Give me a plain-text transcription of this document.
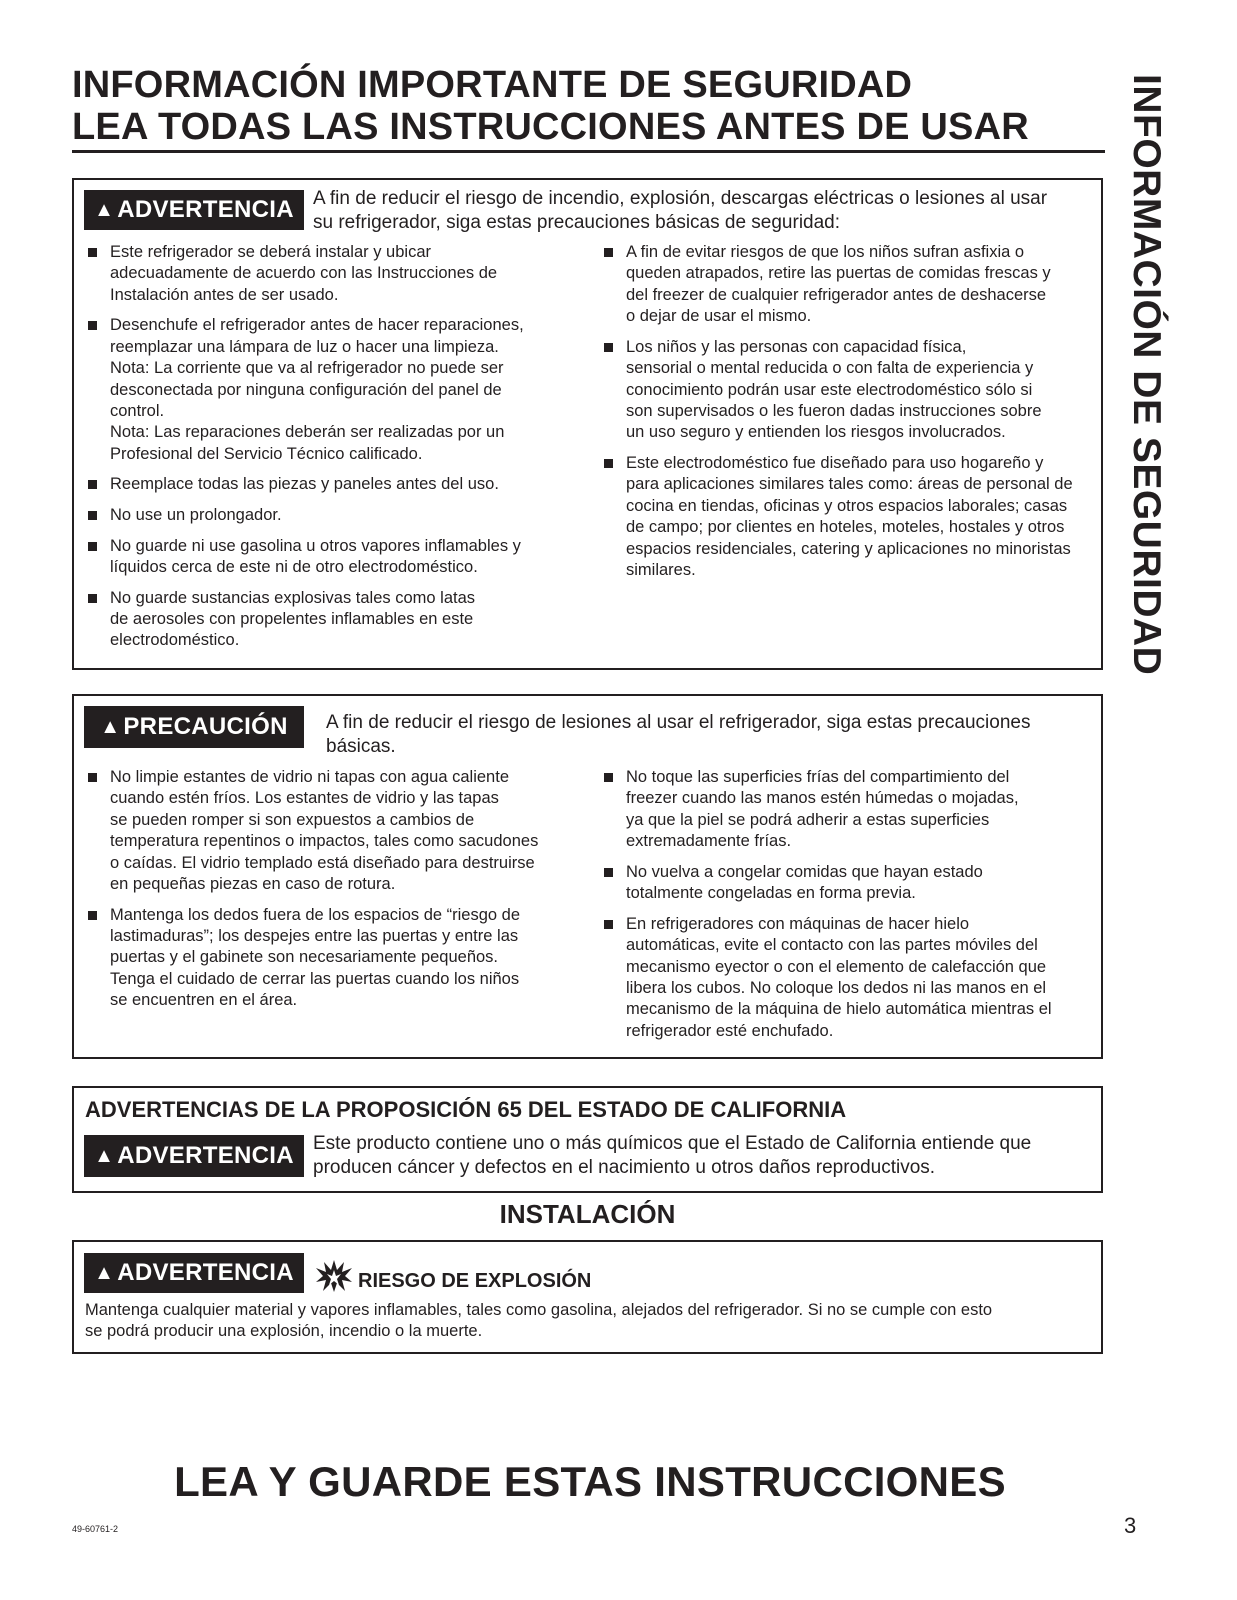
INFORMACIÓN IMPORTANTE DE SEGURIDAD
LEA TODAS LAS INSTRUCCIONES ANTES DE USAR	INFORMACIÓN DE SEGURIDAD
▲ ADVERTENCIA A fin de reducir el riesgo de incendio, explosión, descargas eléctricas o lesiones al usar
su refrigerador, siga estas precauciones básicas de seguridad:
Este refrigerador se deberá instalar y ubicar
adecuadamente de acuerdo con las Instrucciones de
Instalación antes de ser usado.
Desenchufe el refrigerador antes de hacer reparaciones,
reemplazar una lámpara de luz o hacer una limpieza.
Nota: La corriente que va al refrigerador no puede ser
desconectada por ninguna configuración del panel de
control.
Nota: Las reparaciones deberán ser realizadas por un
Profesional del Servicio Técnico calificado.
Reemplace todas las piezas y paneles antes del uso.
No use un prolongador.
No guarde ni use gasolina u otros vapores inflamables y
líquidos cerca de este ni de otro electrodoméstico.
No guarde sustancias explosivas tales como latas
de aerosoles con propelentes inflamables en este
electrodoméstico.
A fin de evitar riesgos de que los niños sufran asfixia o
queden atrapados, retire las puertas de comidas frescas y
del freezer de cualquier refrigerador antes de deshacerse
o dejar de usar el mismo.
Los niños y las personas con capacidad física,
sensorial o mental reducida o con falta de experiencia y
conocimiento podrán usar este electrodoméstico sólo si
son supervisados o les fueron dadas instrucciones sobre
un uso seguro y entienden los riesgos involucrados.
Este electrodoméstico fue diseñado para uso hogareño y
para aplicaciones similares tales como: áreas de personal de
cocina en tiendas, oficinas y otros espacios laborales; casas
de campo; por clientes en hoteles, moteles, hostales y otros
espacios residenciales, catering y aplicaciones no minoristas
similares.
▲ PRECAUCIÓN A fin de reducir el riesgo de lesiones al usar el refrigerador, siga estas precauciones
básicas.
No limpie estantes de vidrio ni tapas con agua caliente
cuando estén fríos. Los estantes de vidrio y las tapas
se pueden romper si son expuestos a cambios de
temperatura repentinos o impactos, tales como sacudones
o caídas. El vidrio templado está diseñado para destruirse
en pequeñas piezas en caso de rotura.
Mantenga los dedos fuera de los espacios de “riesgo de
lastimaduras”; los despejes entre las puertas y entre las
puertas y el gabinete son necesariamente pequeños.
Tenga el cuidado de cerrar las puertas cuando los niños
se encuentren en el área.
No toque las superficies frías del compartimiento del
freezer cuando las manos estén húmedas o mojadas,
ya que la piel se podrá adherir a estas superficies
extremadamente frías.
No vuelva a congelar comidas que hayan estado
totalmente congeladas en forma previa.
En refrigeradores con máquinas de hacer hielo
automáticas, evite el contacto con las partes móviles del
mecanismo eyector o con el elemento de calefacción que
libera los cubos. No coloque los dedos ni las manos en el
mecanismo de la máquina de hielo automática mientras el
refrigerador esté enchufado.
ADVERTENCIAS DE LA PROPOSICIÓN 65 DEL ESTADO DE CALIFORNIA
▲ ADVERTENCIA Este producto contiene uno o más químicos que el Estado de California entiende que
producen cáncer y defectos en el nacimiento u otros daños reproductivos.
INSTALACIÓN
▲ ADVERTENCIA	RIESGO DE EXPLOSIÓN
Mantenga cualquier material y vapores inflamables, tales como gasolina, alejados del refrigerador. Si no se cumple con esto
se podrá producir una explosión, incendio o la muerte.
LEA Y GUARDE ESTAS INSTRUCCIONES
49-60761-2	3
